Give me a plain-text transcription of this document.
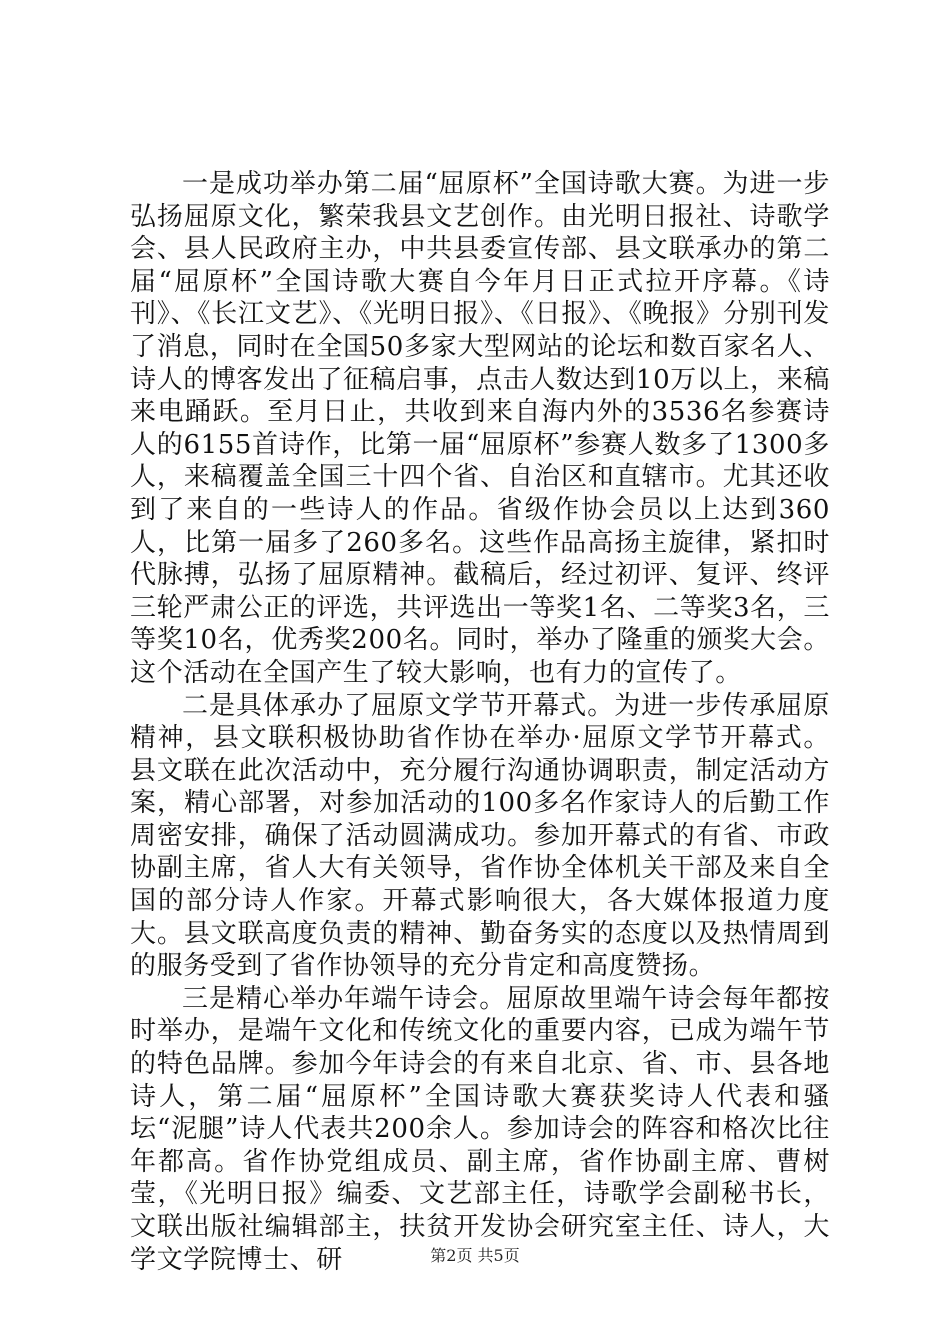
一是成功举办第二届“屈原杯”全国诗歌大赛。为进一步弘扬屈原文化，繁荣我县文艺创作。由光明日报社、诗歌学会、县人民政府主办，中共县委宣传部、县文联承办的第二届“屈原杯”全国诗歌大赛自今年月日正式拉开序幕。《诗刊》、《长江文艺》、《光明日报》、《日报》、《晚报》分别刊发了消息，同时在全国50多家大型网站的论坛和数百家名人、诗人的博客发出了征稿启事，点击人数达到10万以上，来稿来电踊跃。至月日止，共收到来自海内外的3536名参赛诗人的6155首诗作，比第一届“屈原杯”参赛人数多了1300多人，来稿覆盖全国三十四个省、自治区和直辖市。尤其还收到了来自的一些诗人的作品。省级作协会员以上达到360人，比第一届多了260多名。这些作品高扬主旋律，紧扣时代脉搏，弘扬了屈原精神。截稿后，经过初评、复评、终评三轮严肃公正的评选，共评选出一等奖1名、二等奖3名，三等奖10名，优秀奖200名。同时，举办了隆重的颁奖大会。这个活动在全国产生了较大影响，也有力的宣传了。

二是具体承办了屈原文学节开幕式。为进一步传承屈原精神，县文联积极协助省作协在举办·屈原文学节开幕式。县文联在此次活动中，充分履行沟通协调职责，制定活动方案，精心部署，对参加活动的100多名作家诗人的后勤工作周密安排，确保了活动圆满成功。参加开幕式的有省、市政协副主席，省人大有关领导，省作协全体机关干部及来自全国的部分诗人作家。开幕式影响很大，各大媒体报道力度大。县文联高度负责的精神、勤奋务实的态度以及热情周到的服务受到了省作协领导的充分肯定和高度赞扬。

三是精心举办年端午诗会。屈原故里端午诗会每年都按时举办，是端午文化和传统文化的重要内容，已成为端午节的特色品牌。参加今年诗会的有来自北京、省、市、县各地诗人，第二届“屈原杯”全国诗歌大赛获奖诗人代表和骚坛“泥腿”诗人代表共200余人。参加诗会的阵容和格次比往年都高。省作协党组成员、副主席，省作协副主席、曹树莹，《光明日报》编委、文艺部主任，诗歌学会副秘书长，文联出版社编辑部主，扶贫开发协会研究室主任、诗人，大学文学院博士、研	第2页 共5页
